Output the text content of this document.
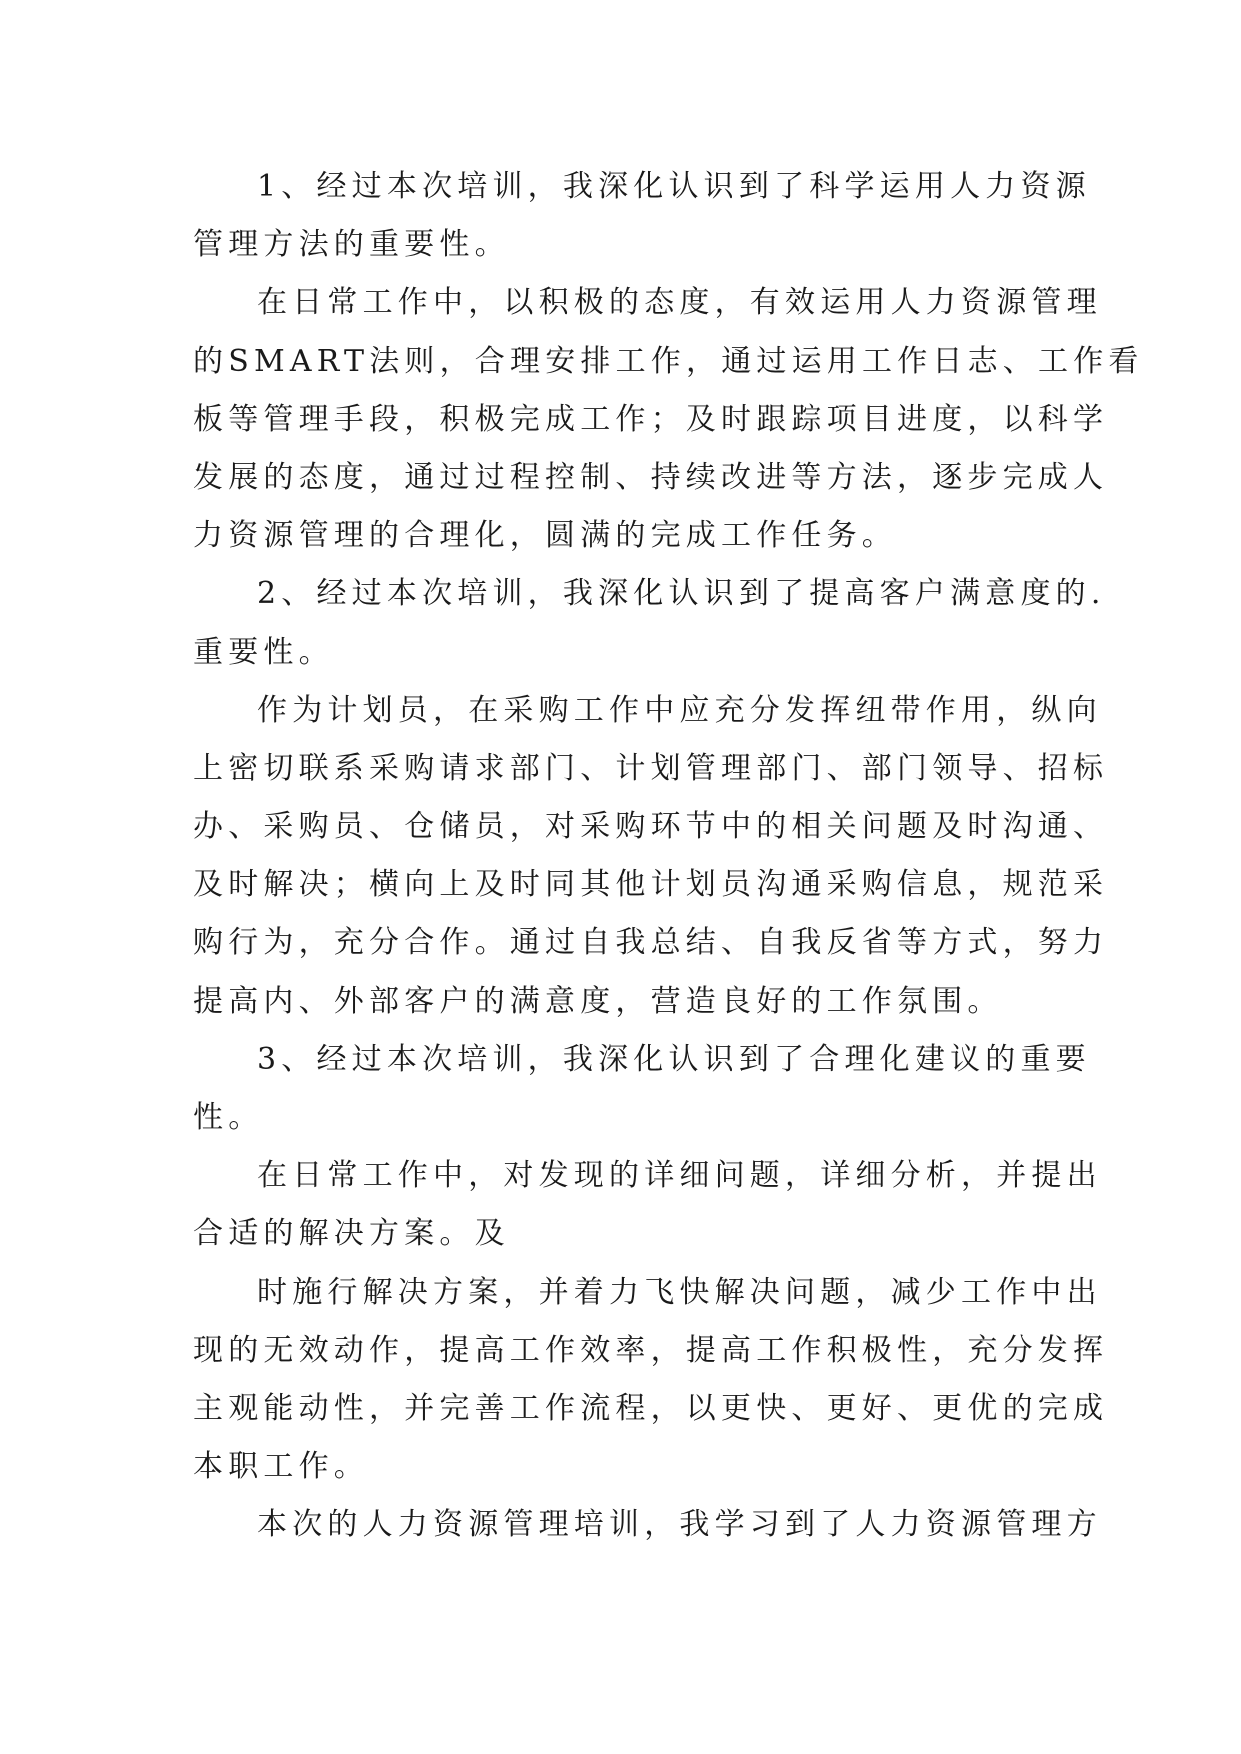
1、经过本次培训，我深化认识到了科学运用人力资源
管理方法的重要性。
在日常工作中，以积极的态度，有效运用人力资源管理
的SMART法则，合理安排工作，通过运用工作日志、工作看
板等管理手段，积极完成工作；及时跟踪项目进度，以科学
发展的态度，通过过程控制、持续改进等方法，逐步完成人
力资源管理的合理化，圆满的完成工作任务。
2、经过本次培训，我深化认识到了提高客户满意度的.
重要性。
作为计划员，在采购工作中应充分发挥纽带作用，纵向
上密切联系采购请求部门、计划管理部门、部门领导、招标
办、采购员、仓储员，对采购环节中的相关问题及时沟通、
及时解决；横向上及时同其他计划员沟通采购信息，规范采
购行为，充分合作。通过自我总结、自我反省等方式，努力
提高内、外部客户的满意度，营造良好的工作氛围。
3、经过本次培训，我深化认识到了合理化建议的重要
性。
在日常工作中，对发现的详细问题，详细分析，并提出
合适的解决方案。及
时施行解决方案，并着力飞快解决问题，减少工作中出
现的无效动作，提高工作效率，提高工作积极性，充分发挥
主观能动性，并完善工作流程，以更快、更好、更优的完成
本职工作。
本次的人力资源管理培训，我学习到了人力资源管理方
